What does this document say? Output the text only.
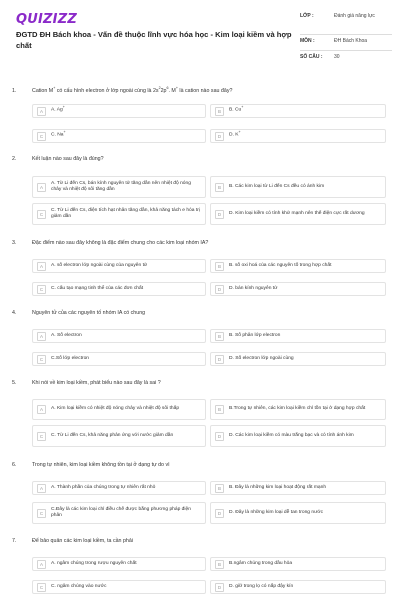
QUIZIZZ
ĐGTD ĐH Bách khoa - Vấn đề thuộc lĩnh vực hóa học - Kim loại kiềm và hợp chất
LỚP :	Đánh giá năng lực
MÔN :	ĐH Bách Khoa
SỐ CÂU :	30
1.	Cation M+ có cấu hình electron ở lớp ngoài cùng là $2s^22p^6$. M+ là cation nào sau đây?
A	A. Ag+
B	B. Cu+
C	C. Na+
D	D. K+
2.	Kết luận nào sau đây là đúng?
A
A. Từ Li đến Cs, bán kính nguyên tử tăng dần nên nhiệt độ nóng chảy và nhiệt độ sôi tăng dần	B	B. Các kim loại từ Li đến Cs đều có ánh kim
C
C. Từ Li đến Cs, điện tích hạt nhân tăng dần, khả năng tách e hóa trị giảm dần	D	D. Kim loại kiềm có tính khử mạnh nên thế điện cực rất dương
3.	Đặc điểm nào sau đây không là đặc điểm chung cho các kim loại nhóm IA?
A	A. số electron lớp ngoài cùng của nguyên tử	B	B. số oxi hoá của các nguyên tố trong hợp chất
C	C. cấu tạo mạng tinh thể của các đơn chất	D	D. bán kính nguyên tử
4.	Nguyên tử của các nguyên tố nhóm IA có chung
A	A. Số electron	B	B. Số phân lớp electron
C	C.Số lớp electron	D	D. Số electron lớp ngoài cùng
5.	Khi nói về kim loại kiềm, phát biểu nào sau đây là sai ?
A	A. Kim loại kiềm có nhiệt độ nóng chảy và nhiệt độ sôi thấp	B	B.Trong tự nhiên, các kim loại kiềm chỉ tồn tại ở dạng hợp chất
C	C. Từ Li đến Cs, khả năng phản ứng với nước giảm dần	D	D. Các kim loại kiềm có màu trắng bạc và có tính ánh kim
6.	Trong tự nhiên, kim loại kiềm không tồn tại ở dạng tự do vì
A	A. Thành phần của chúng trong tự nhiên rất nhỏ	B	B. Đây là những kim loại hoạt động rất mạnh
C
C.Đây là các kim loại chỉ điều chế được bằng phương pháp điện phân	D	D. Đây là những kim loại dễ tan trong nước
7.	Để bảo quản các kim loại kiềm, ta cần phải
A	A. ngâm chúng trong rượu nguyên chất	B	B.ngâm chúng trong dầu hỏa
C	C. ngâm chúng vào nước	D	D. giữ trong lọ có nắp đậy kín
